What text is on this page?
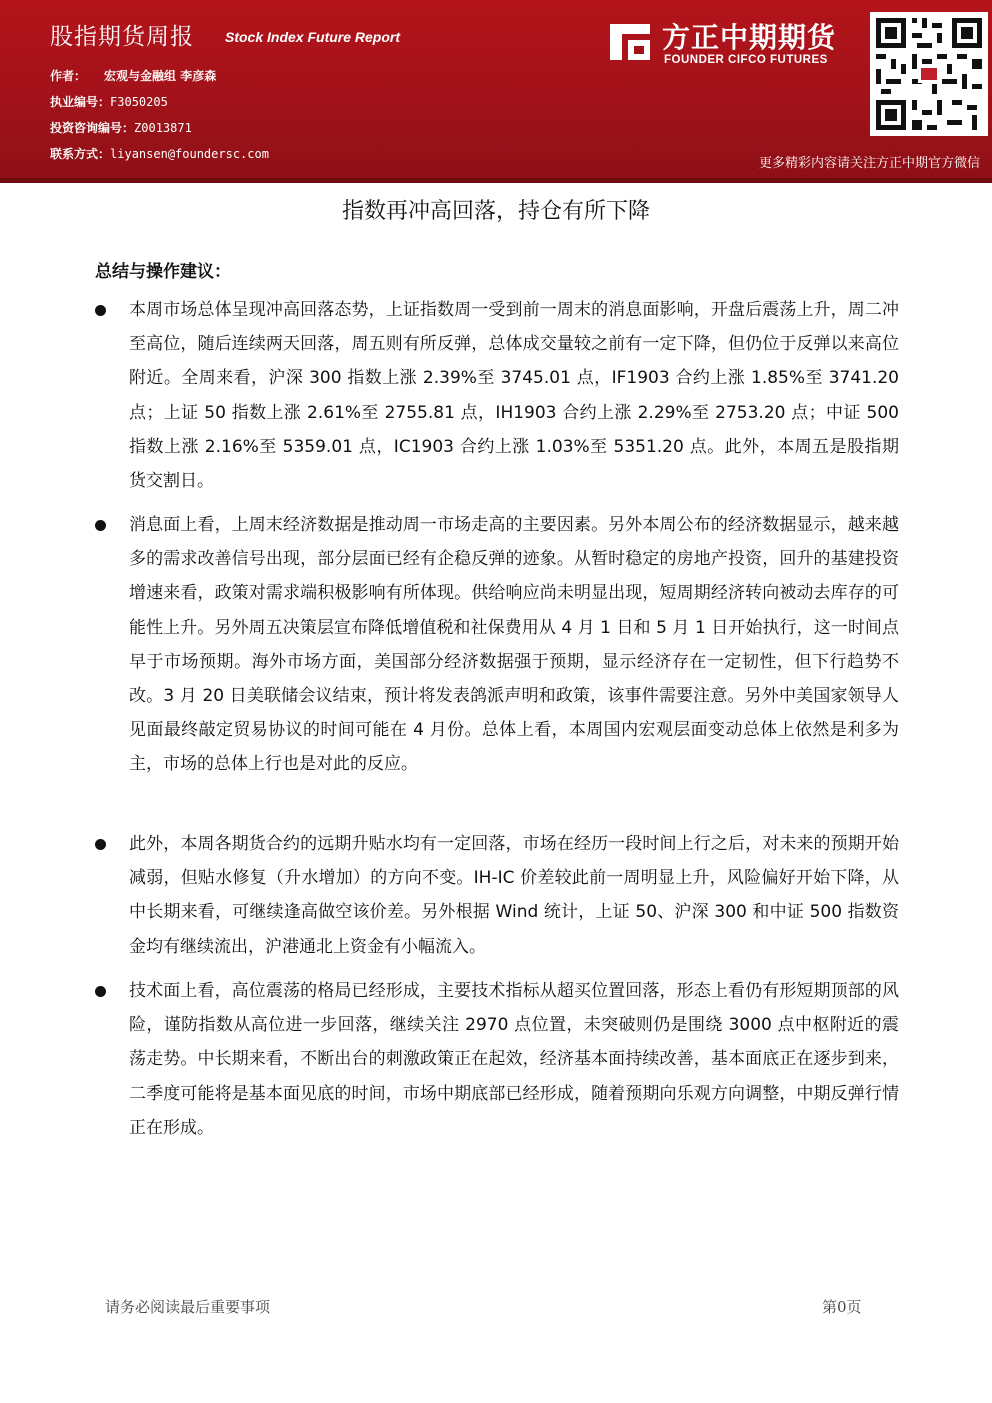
股指期货周报 Stock Index Future Report
作者： 宏观与金融组 李彦森
执业编号：F3050205
投资咨询编号：Z0013871
联系方式：liyansen@foundersc.com
方正中期期货
FOUNDER CIFCO FUTURES
更多精彩内容请关注方正中期官方微信
指数再冲高回落，持仓有所下降
总结与操作建议：

本周市场总体呈现冲高回落态势，上证指数周一受到前一周末的消息面影响，开盘后震荡上升，周二冲至高位，随后连续两天回落，周五则有所反弹，总体成交量较之前有一定下降，但仍位于反弹以来高位附近。全周来看，沪深 300 指数上涨 2.39%至 3745.01 点，IF1903 合约上涨 1.85%至 3741.20 点；上证 50 指数上涨 2.61%至 2755.81 点，IH1903 合约上涨 2.29%至 2753.20 点；中证 500 指数上涨 2.16%至 5359.01 点，IC1903 合约上涨 1.03%至 5351.20 点。此外，本周五是股指期货交割日。

消息面上看，上周末经济数据是推动周一市场走高的主要因素。另外本周公布的经济数据显示，越来越多的需求改善信号出现，部分层面已经有企稳反弹的迹象。从暂时稳定的房地产投资，回升的基建投资增速来看，政策对需求端积极影响有所体现。供给响应尚未明显出现，短周期经济转向被动去库存的可能性上升。另外周五决策层宣布降低增值税和社保费用从 4 月 1 日和 5 月 1 日开始执行，这一时间点早于市场预期。海外市场方面，美国部分经济数据强于预期，显示经济存在一定韧性，但下行趋势不改。3 月 20 日美联储会议结束，预计将发表鸽派声明和政策，该事件需要注意。另外中美国家领导人见面最终敲定贸易协议的时间可能在 4 月份。总体上看，本周国内宏观层面变动总体上依然是利多为主，市场的总体上行也是对此的反应。

此外，本周各期货合约的远期升贴水均有一定回落，市场在经历一段时间上行之后，对未来的预期开始减弱，但贴水修复（升水增加）的方向不变。IH-IC 价差较此前一周明显上升，风险偏好开始下降，从中长期来看，可继续逢高做空该价差。另外根据 Wind 统计，上证 50、沪深 300 和中证 500 指数资金均有继续流出，沪港通北上资金有小幅流入。

技术面上看，高位震荡的格局已经形成，主要技术指标从超买位置回落，形态上看仍有形短期顶部的风险，谨防指数从高位进一步回落，继续关注 2970 点位置，未突破则仍是围绕 3000 点中枢附近的震荡走势。中长期来看，不断出台的刺激政策正在起效，经济基本面持续改善，基本面底正在逐步到来，二季度可能将是基本面见底的时间，市场中期底部已经形成，随着预期向乐观方向调整，中期反弹行情正在形成。

请务必阅读最后重要事项	第0页
